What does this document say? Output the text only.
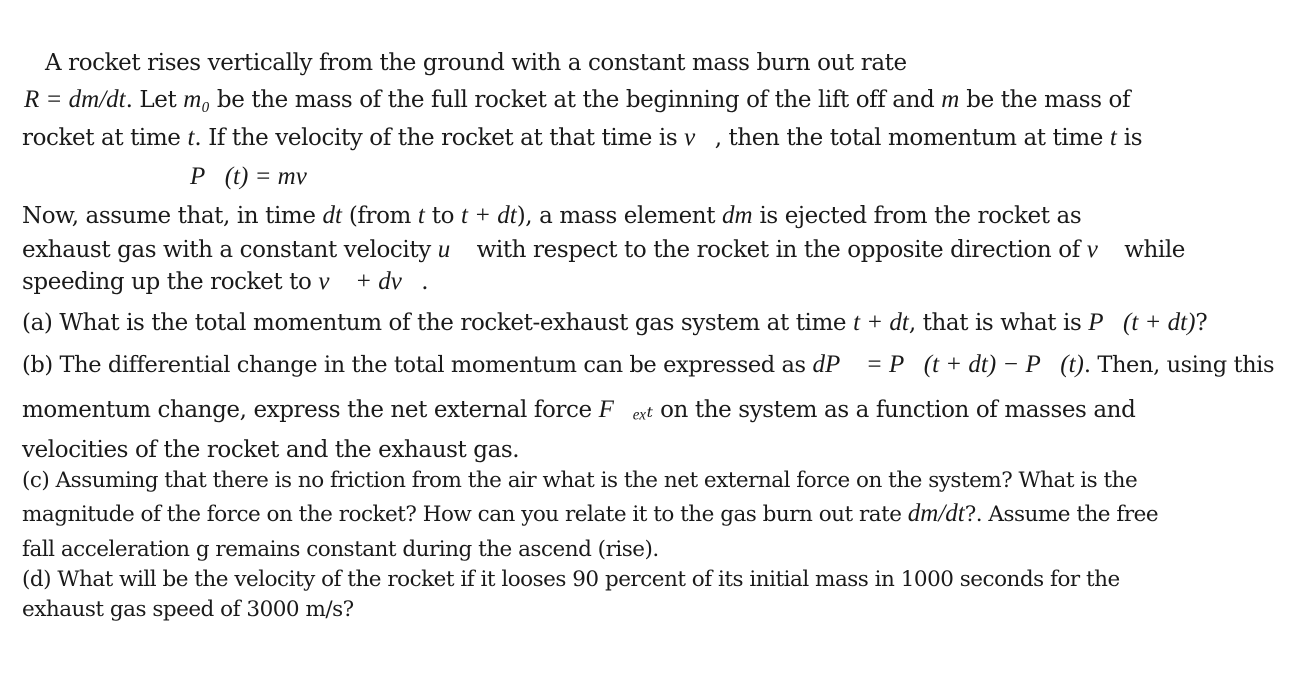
A rocket rises vertically from the ground with a constant mass burn out rate
R = dm/dt. Let m₀ be the mass of the full rocket at the beginning of the lift off and m be the mass of
rocket at time t. If the velocity of the rocket at that time is v⃗, then the total momentum at time t is
P⃗(t) = mv⃗
Now, assume that, in time dt (from t to t + dt), a mass element dm is ejected from the rocket as
exhaust gas with a constant velocity u⃗ with respect to the rocket in the opposite direction of v⃗ while
speeding up the rocket to v⃗ + dv⃗.
(a) What is the total momentum of the rocket-exhaust gas system at time t + dt, that is what is P⃗(t + dt)?
(b) The differential change in the total momentum can be expressed as dP⃗ = P⃗(t + dt) − P⃗(t). Then, using this
momentum change, express the net external force F⃗ₑₓₜ on the system as a function of masses and
velocities of the rocket and the exhaust gas.
(c) Assuming that there is no friction from the air what is the net external force on the system? What is the
magnitude of the force on the rocket? How can you relate it to the gas burn out rate dm/dt?. Assume the free
fall acceleration g remains constant during the ascend (rise).
(d) What will be the velocity of the rocket if it looses 90 percent of its initial mass in 1000 seconds for the
exhaust gas speed of 3000 m/s?
